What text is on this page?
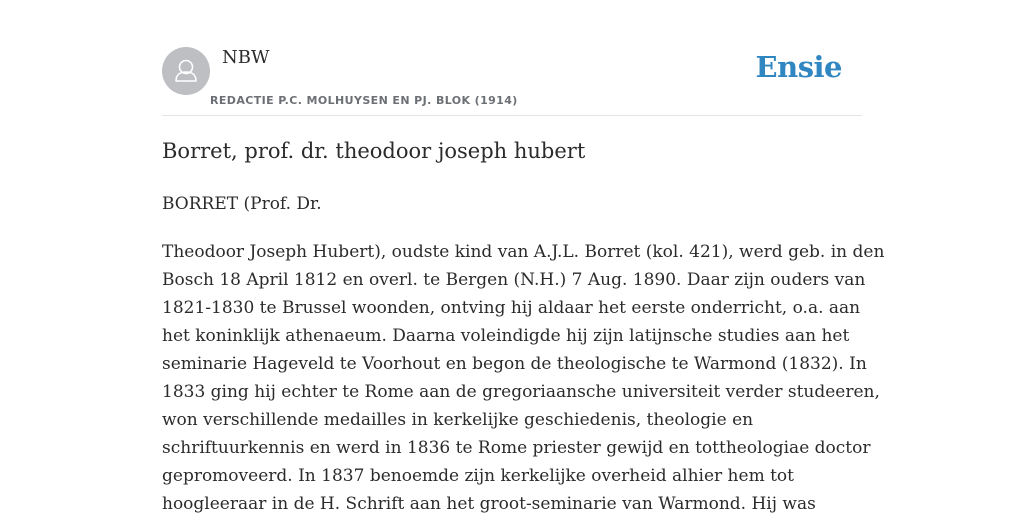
NBW
REDACTIE P.C. MOLHUYSEN EN PJ. BLOK (1914)
Ensie
Borret, prof. dr. theodoor joseph hubert

BORRET (Prof. Dr.

Theodoor Joseph Hubert), oudste kind van A.J.L. Borret (kol. 421), werd geb. in den
Bosch 18 April 1812 en overl. te Bergen (N.H.) 7 Aug. 1890. Daar zijn ouders van
1821-1830 te Brussel woonden, ontving hij aldaar het eerste onderricht, o.a. aan
het koninklijk athenaeum. Daarna voleindigde hij zijn latijnsche studies aan het
seminarie Hageveld te Voorhout en begon de theologische te Warmond (1832). In
1833 ging hij echter te Rome aan de gregoriaansche universiteit verder studeeren,
won verschillende medailles in kerkelijke geschiedenis, theologie en
schriftuurkennis en werd in 1836 te Rome priester gewijd en tottheologiae doctor
gepromoveerd. In 1837 benoemde zijn kerkelijke overheid alhier hem tot
hoogleeraar in de H. Schrift aan het groot-seminarie van Warmond. Hij was
